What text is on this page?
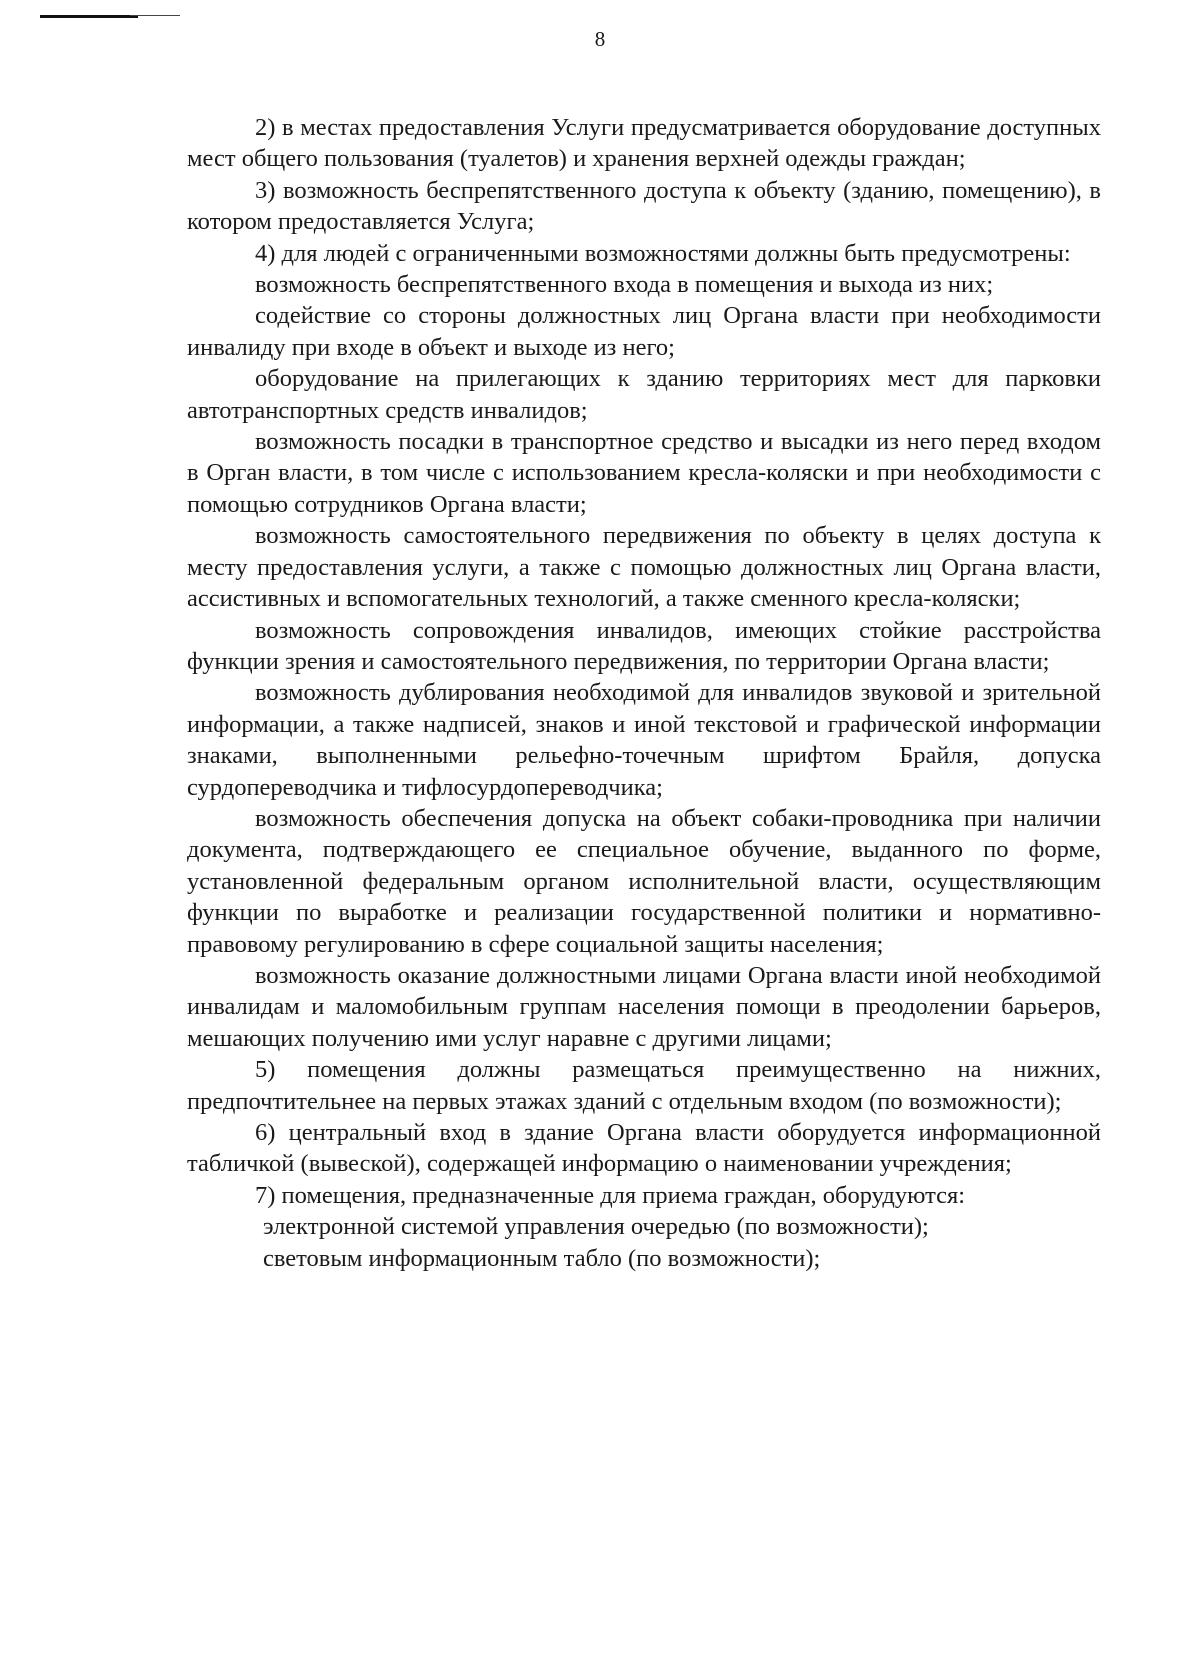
8

2) в местах предоставления Услуги предусматривается оборудование доступных мест общего пользования (туалетов) и хранения верхней одежды граждан;

3) возможность беспрепятственного доступа к объекту (зданию, помещению), в котором предоставляется Услуга;

4) для людей с ограниченными возможностями должны быть предусмотрены:

возможность беспрепятственного входа в помещения и выхода из них;

содействие со стороны должностных лиц Органа власти при необходимости инвалиду при входе в объект и выходе из него;

оборудование на прилегающих к зданию территориях мест для парковки автотранспортных средств инвалидов;

возможность посадки в транспортное средство и высадки из него перед входом в Орган власти, в том числе с использованием кресла-коляски и при необходимости с помощью сотрудников Органа власти;

возможность самостоятельного передвижения по объекту в целях доступа к месту предоставления услуги, а также с помощью должностных лиц Органа власти, ассистивных и вспомогательных технологий, а также сменного кресла-коляски;

возможность сопровождения инвалидов, имеющих стойкие расстройства функции зрения и самостоятельного передвижения, по территории Органа власти;

возможность дублирования необходимой для инвалидов звуковой и зрительной информации, а также надписей, знаков и иной текстовой и графической информации знаками, выполненными рельефно-точечным шрифтом Брайля, допуска сурдопереводчика и тифлосурдопереводчика;

возможность обеспечения допуска на объект собаки-проводника при наличии документа, подтверждающего ее специальное обучение, выданного по форме, установленной федеральным органом исполнительной власти, осуществляющим функции по выработке и реализации государственной политики и нормативно-правовому регулированию в сфере социальной защиты населения;

возможность оказание должностными лицами Органа власти иной необходимой инвалидам и маломобильным группам населения помощи в преодолении барьеров, мешающих получению ими услуг наравне с другими лицами;

5) помещения должны размещаться преимущественно на нижних, предпочтительнее на первых этажах зданий с отдельным входом (по возможности);

6) центральный вход в здание Органа власти оборудуется информационной табличкой (вывеской), содержащей информацию о наименовании учреждения;

7) помещения, предназначенные для приема граждан, оборудуются:

электронной системой управления очередью (по возможности);

световым информационным табло (по возможности);
